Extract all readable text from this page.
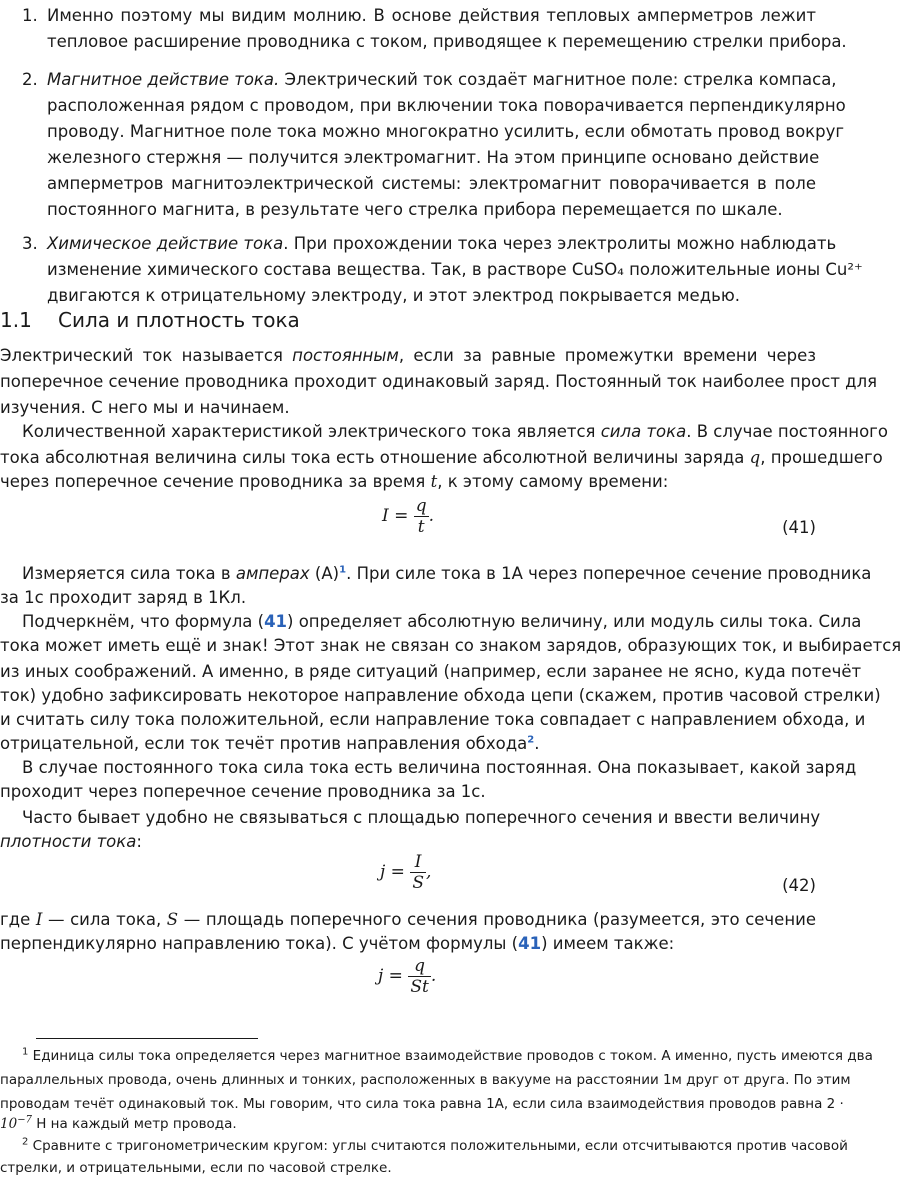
1. Именно поэтому мы видим молнию. В основе действия тепловых амперметров лежит
тепловое расширение проводника с током, приводящее к перемещению стрелки прибора.
2. Магнитное действие тока. Электрический ток создаёт магнитное поле: стрелка компаса,
расположенная рядом с проводом, при включении тока поворачивается перпендикулярно
проводу. Магнитное поле тока можно многократно усилить, если обмотать провод вокруг
железного стержня — получится электромагнит. На этом принципе основано действие
амперметров магнитоэлектрической системы: электромагнит поворачивается в поле
постоянного магнита, в результате чего стрелка прибора перемещается по шкале.
3. Химическое действие тока. При прохождении тока через электролиты можно наблюдать
изменение химического состава вещества. Так, в растворе CuSO₄ положительные ионы Cu²⁺
двигаются к отрицательному электроду, и этот электрод покрывается медью.
1.1 Сила и плотность тока
Электрический ток называется постоянным, если за равные промежутки времени через
поперечное сечение проводника проходит одинаковый заряд. Постоянный ток наиболее прост для
изучения. С него мы и начинаем.
Количественной характеристикой электрического тока является сила тока. В случае постоянного
тока абсолютная величина силы тока есть отношение абсолютной величины заряда q, прошедшего
через поперечное сечение проводника за время t, к этому самому времени:
$I = \frac{q}{t}$ .
(41)
Измеряется сила тока в амперах (А)$^1$. При силе тока в 1А через поперечное сечение проводника
за 1с проходит заряд в 1Кл.
Подчеркнём, что формула (41) определяет абсолютную величину, или модуль силы тока. Сила
тока может иметь ещё и знак! Этот знак не связан со знаком зарядов, образующих ток, и выбирается
из иных соображений. А именно, в ряде ситуаций (например, если заранее не ясно, куда потечёт
ток) удобно зафиксировать некоторое направление обхода цепи (скажем, против часовой стрелки)
и считать силу тока положительной, если направление тока совпадает с направлением обхода, и
отрицательной, если ток течёт против направления обхода$^2$.
В случае постоянного тока сила тока есть величина постоянная. Она показывает, какой заряд
проходит через поперечное сечение проводника за 1с.
Часто бывает удобно не связываться с площадью поперечного сечения и ввести величину
плотности тока:
$j = \frac{I}{S}$ ,
(42)
где I — сила тока, S — площадь поперечного сечения проводника (разумеется, это сечение
перпендикулярно направлению тока). С учётом формулы (41) имеем также:
$j = \frac{q}{St}$ .
$^1$ Единица силы тока определяется через магнитное взаимодействие проводов с током. А именно, пусть имеются два
параллельных провода, очень длинных и тонких, расположенных в вакууме на расстоянии 1м друг от друга. По этим
проводам течёт одинаковый ток. Мы говорим, что сила тока равна 1А, если сила взаимодействия проводов равна 2 ·
$10^{-7}$ Н на каждый метр провода.
$^2$ Сравните с тригонометрическим кругом: углы считаются положительными, если отсчитываются против часовой
стрелки, и отрицательными, если по часовой стрелке.
